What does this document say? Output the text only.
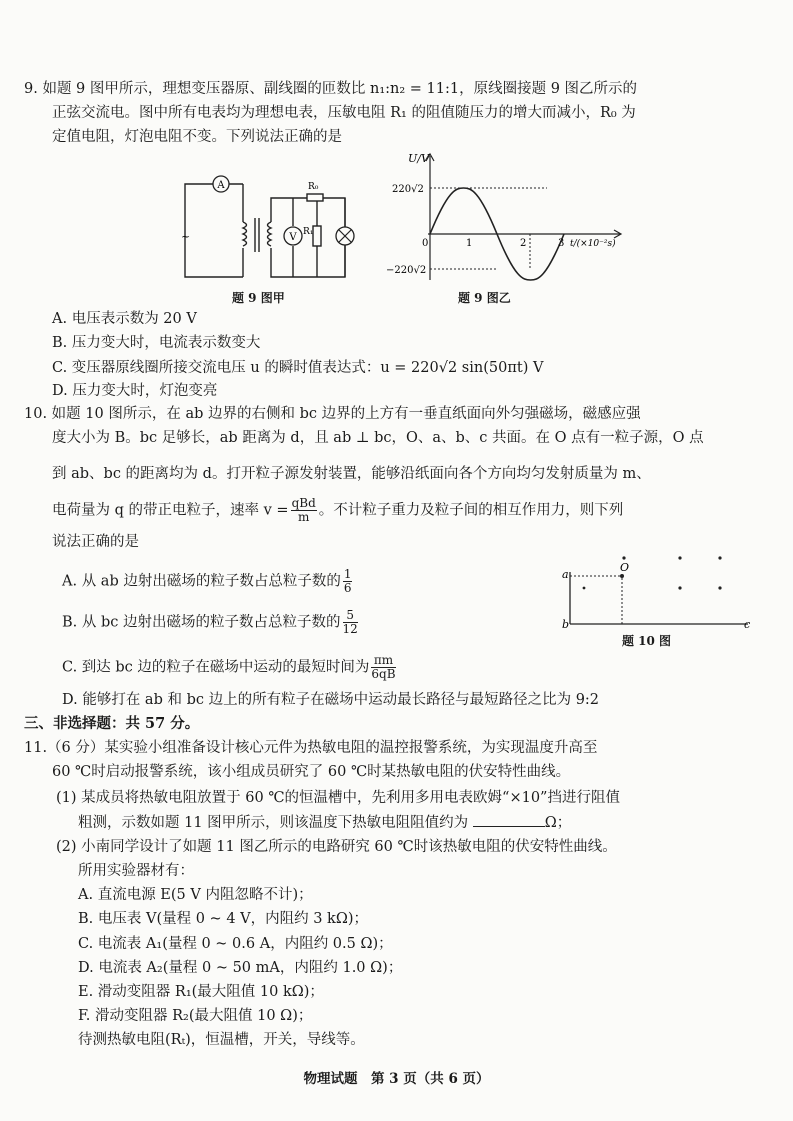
9. 如题 9 图甲所示，理想变压器原、副线圈的匝数比 n₁:n₂ = 11:1，原线圈接题 9 图乙所示的
正弦交流电。图中所有电表均为理想电表，压敏电阻 R₁ 的阻值随压力的增大而减小，R₀ 为
定值电阻，灯泡电阻不变。下列说法正确的是
A
V
R₀
R₁
~
题 9 图甲
U/V
220√2
−220√2
0	1	2	3 t/(×10⁻²s)
题 9 图乙
A. 电压表示数为 20 V
B. 压力变大时，电流表示数变大
C. 变压器原线圈所接交流电压 u 的瞬时值表达式：u = 220√2 sin(50πt) V
D. 压力变大时，灯泡变亮
10. 如题 10 图所示，在 ab 边界的右侧和 bc 边界的上方有一垂直纸面向外匀强磁场，磁感应强
度大小为 B。bc 足够长，ab 距离为 d，且 ab ⊥ bc，O、a、b、c 共面。在 O 点有一粒子源，O 点
到 ab、bc 的距离均为 d。打开粒子源发射装置，能够沿纸面向各个方向均匀发射质量为 m、
电荷量为 q 的带正电粒子，速率 $v = \frac{\text{qBd}}{m}$ 。不计粒子重力及粒子间的相互作用力，则下列
说法正确的是
A. 从 ab 边射出磁场的粒子数占总粒子数的 $\frac{1}{6}$
B. 从 bc 边射出磁场的粒子数占总粒子数的 $\frac{5}{12}$
C. 到达 bc 边的粒子在磁场中运动的最短时间为 $\frac{\pi m}{6qB}$
D. 能够打在 ab 和 bc 边上的所有粒子在磁场中运动最长路径与最短路径之比为 9:2
a
O
b	c
题 10 图
三、非选择题：共 57 分。
11.（6 分）某实验小组准备设计核心元件为热敏电阻的温控报警系统，为实现温度升高至
60 ℃时启动报警系统，该小组成员研究了 60 ℃时某热敏电阻的伏安特性曲线。
(1) 某成员将热敏电阻放置于 60 ℃的恒温槽中，先利用多用电表欧姆“×10”挡进行阻值
粗测，示数如题 11 图甲所示，则该温度下热敏电阻阻值约为	Ω；
(2) 小南同学设计了如题 11 图乙所示的电路研究 60 ℃时该热敏电阻的伏安特性曲线。
所用实验器材有：
A. 直流电源 E(5 V 内阻忽略不计)；
B. 电压表 V(量程 0 ~ 4 V，内阻约 3 kΩ)；
C. 电流表 A₁(量程 0 ~ 0.6 A，内阻约 0.5 Ω)；
D. 电流表 A₂(量程 0 ~ 50 mA，内阻约 1.0 Ω)；
E. 滑动变阻器 R₁(最大阻值 10 kΩ)；
F. 滑动变阻器 R₂(最大阻值 10 Ω)；
待测热敏电阻(Rₜ)，恒温槽，开关，导线等。
物理试题　第 3 页（共 6 页）
